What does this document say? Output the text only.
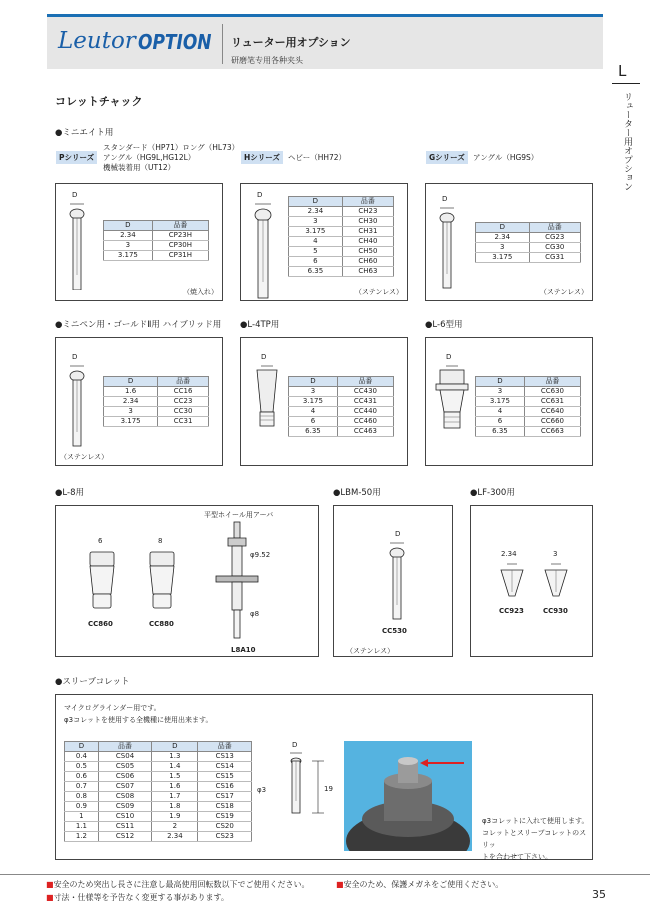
Leutor OPTION リューター用オプション
研磨笔专用各种夹头
L
リューター用オプション
コレットチャック
●ミニエイト用
Pシリーズ
スタンダード（HP71）ロング（HL73）
アングル（HG9L,HG12L）
機械装着用（UT12）
Hシリーズ	ヘビー（HH72）	Gシリーズ	アングル（HG9S）
D
D	品番
2.34	CP23H
3	CP30H
3.175	CP31H
（焼入れ）
D
D	品番
2.34	CH23
3	CH30
3.175	CH31
4	CH40
5	CH50
6	CH60
6.35	CH63
（ステンレス）
D
D	品番
2.34	CG23
3	CG30
3.175	CG31
（ステンレス）
●ミニペン用・ゴールドⅡ用 ハイブリッド用 ●L-4TP用	●L-6型用
D
D	品番
1.6	CC16
2.34	CC23
3	CC30
3.175	CC31
（ステンレス）
D
D	品番
3	CC430
3.175	CC431
4	CC440
6	CC460
6.35	CC463
D
D	品番
3	CC630
3.175	CC631
4	CC640
6	CC660
6.35	CC663
●L-8用	●LBM-50用	●LF-300用
平型ホイール用アーバ
6
CC860
8
CC880
φ9.52
φ8
L8A10
D
CC530
（ステンレス）
2.34
CC923
3
CC930
●スリーブコレット
マイクログラインダー用です。
φ3コレットを使用する全機種に使用出来ます。
D	品番	D	品番
0.4	CS04	1.3	CS13
0.5	CS05	1.4	CS14
0.6	CS06	1.5	CS15
0.7	CS07	1.6	CS16
0.8	CS08	1.7	CS17
0.9	CS09	1.8	CS18
1	CS10	1.9	CS19
1.1	CS11	2	CS20
1.2	CS12	2.34	CS23
D
φ3	19
φ3コレットに入れて使用します。
コレットとスリーブコレットのスリッ
トを合わせて下さい。
■安全のため突出し長さに注意し最高使用回転数以下でご使用ください。	■安全のため、保護メガネをご使用ください。
■寸法・仕様等を予告なく変更する事があります。	35
